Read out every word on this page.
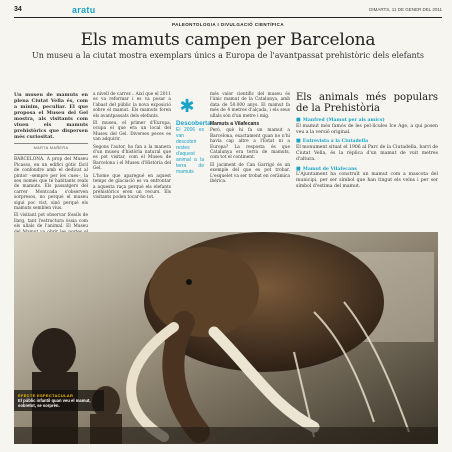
34	aratu	DIMARTS, 11 DE GENER DEL 2011
PALEONTOLOGIA I DIVULGACIÓ CIENTÍFICA
Els mamuts campen per Barcelona
Un museu a la ciutat mostra exemplars únics a Europa de l'avantpassat prehistòric dels elefants
Un museu de mamuts en plena Ciutat Vella és, com a mínim, peculiar. El que proposa el Museu del Gel mostra, als visitants com viuen els mamuts prehistòrics que dispersen més curiositat.
MARTA MAÑERA

BARCELONA. A prop del Museu Picasso, en un edifici gòtic fàcil de confondre amb el dedicat al pintor –sempre per les cues–, la seu només que té habitants reals de mamuts. Els passatgers del carrer Montcada s'observen sorpresos, no perquè el museu sigui poc vist, sinó perquè els mamuts semblen vius.

El visitant pot observar fòssils de llarg, tant l'estructura òssia com els ullals de l'animal. El Museu

a nivell de carrer... Així que el 2011 es va reformar i es va posar a l'abast del públic la nova exposició sobre el mamut. Els mamuts foren els avantpassats dels elefants.

El museu, el primer d'Europa, ocupa el que era un local del Museu del Gel. Diverses peces es van adquirir.

Segons l'autor, ho fan a la manera d'un museu d'història natural que es pot visitar, com el Museu de Barcelona i el Museu d'Història del Gel.

L'home que aparegué en aquest temps de glaciació es va enfrontar a aquesta raça perquè els elefants prehistòrics eren un recurs. Els visitants poden tocar-ho tot.

✱
Descoberta
El 2006 es van descobrir restes d'aquest animal a la terra de mamuts

més valor científic del museu és l'únic mamut de la Catalunya, amb data de 50.000 anys. El mamut fa més de 4 metres d'alçada, i els seus ullals són d'un metre i mig.

Mamuts a Vilafecans

Però, què hi fa un mamut a Barcelona, exactament quan no n'hi havia cap altre a l'Estat ni a Europa? La resposta és que Catalunya era terra de mamuts, com tot el continent.

El jaciment de Can Garrigó és un exemple del que es pot trobar. L'esquelet va ser trobat en ceràmica ibèrica.

Els animals més populars de la Prehistòria
■ Manfred (Mamut per als amics)
El mamut més famós de les pel·lícules Ice Age, a qui posen veu a la versió original.
■ Entrevista a la Ciutadella
El monument situat el 1906 al Parc de la Ciutadella, barri de Ciutat Vella, és la rèplica d'un mamut de vuit metres d'altura.
■ Mamut de Vilafecans
L'Ajuntament ha construït un mamut com a mascota del municipi, per ser símbol que han tingut els veïns i per ser símbol d'estima del mamut.
EFECTE ESPECTACULAR
El públic infantil quan veu el mamut, sobretot, se sorprèn.
